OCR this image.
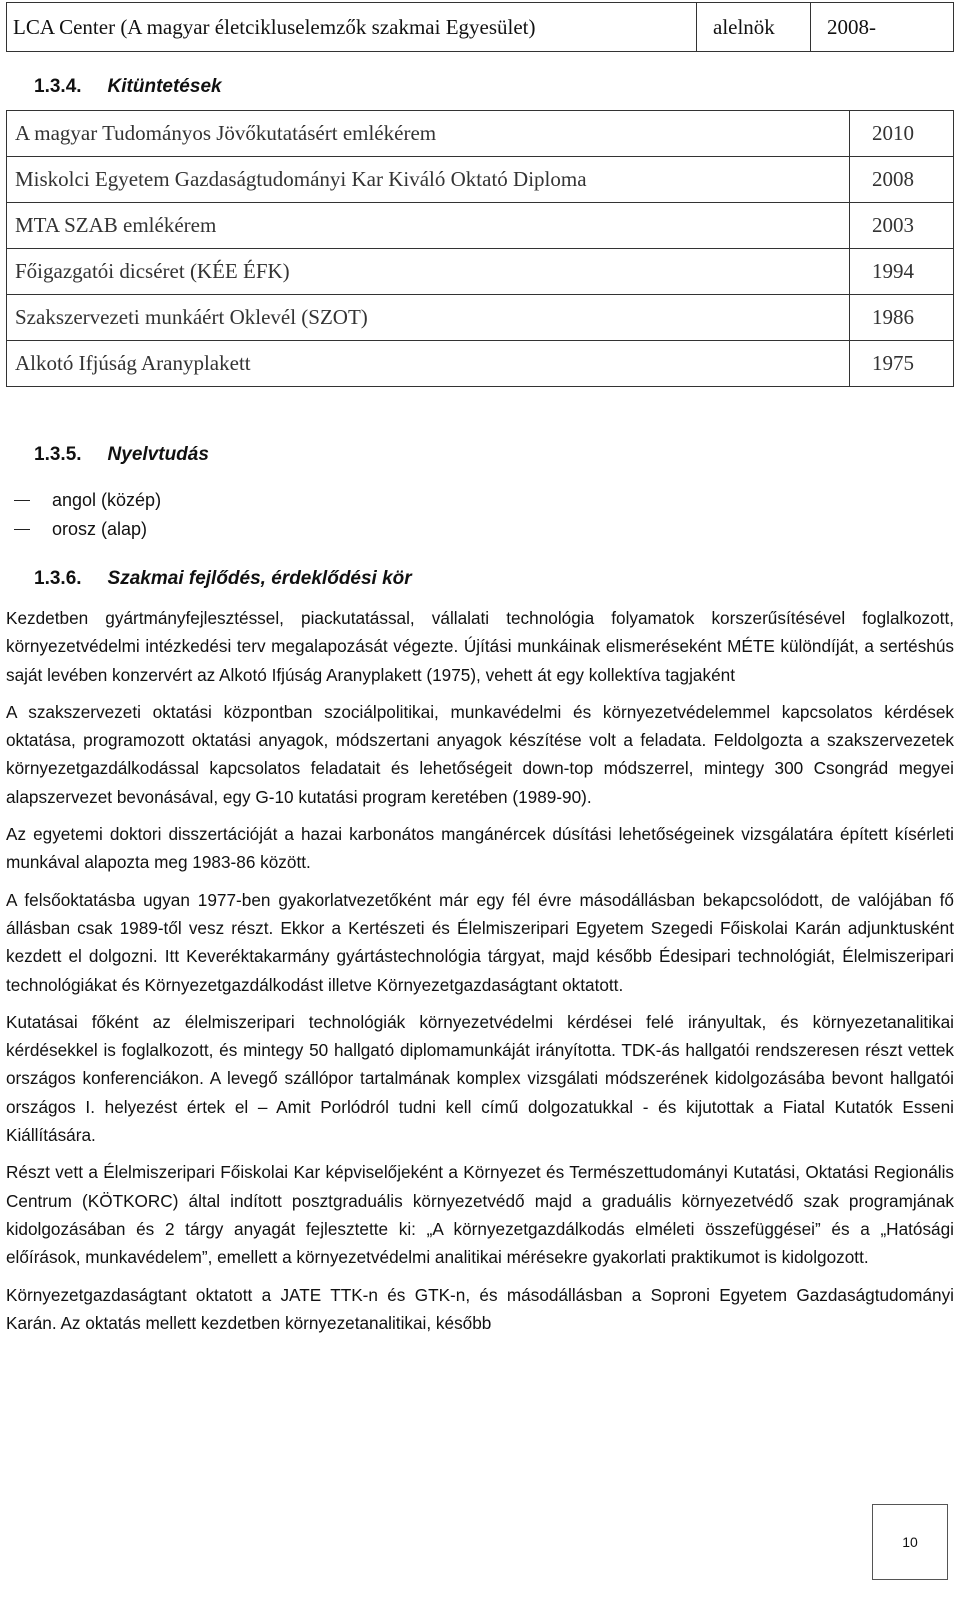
LCA Center (A magyar életcikluselemzők szakmai Egyesület)	alelnök	2008-
1.3.4. Kitüntetések
A magyar Tudományos Jövőkutatásért emlékérem	2010
Miskolci Egyetem Gazdaságtudományi Kar Kiváló Oktató Diploma	2008
MTA SZAB emlékérem	2003
Főigazgatói dicséret (KÉE ÉFK)	1994
Szakszervezeti munkáért Oklevél (SZOT)	1986
Alkotó Ifjúság Aranyplakett	1975
1.3.5. Nyelvtudás
angol (közép)
orosz (alap)
1.3.6. Szakmai fejlődés, érdeklődési kör

Kezdetben gyártmányfejlesztéssel, piackutatással, vállalati technológia folyamatok korszerűsítésével foglalkozott, környezetvédelmi intézkedési terv megalapozását végezte. Újítási munkáinak elismeréseként MÉTE különdíját, a sertéshús saját levében konzervért az Alkotó Ifjúság Aranyplakett (1975), vehett át egy kollektíva tagjaként

A szakszervezeti oktatási központban szociálpolitikai, munkavédelmi és környezetvédelemmel kapcsolatos kérdések oktatása, programozott oktatási anyagok, módszertani anyagok készítése volt a feladata. Feldolgozta a szakszervezetek környezetgazdálkodással kapcsolatos feladatait és lehetőségeit down-top módszerrel, mintegy 300 Csongrád megyei alapszervezet bevonásával, egy G-10 kutatási program keretében (1989-90).

Az egyetemi doktori disszertációját a hazai karbonátos mangánércek dúsítási lehetőségeinek vizsgálatára épített kísérleti munkával alapozta meg 1983-86 között.

A felsőoktatásba ugyan 1977-ben gyakorlatvezetőként már egy fél évre másodállásban bekapcsolódott, de valójában fő állásban csak 1989-től vesz részt. Ekkor a Kertészeti és Élelmiszeripari Egyetem Szegedi Főiskolai Karán adjunktusként kezdett el dolgozni. Itt Keveréktakarmány gyártástechnológia tárgyat, majd később Édesipari technológiát, Élelmiszeripari technológiákat és Környezetgazdálkodást illetve Környezetgazdaságtant oktatott.

Kutatásai főként az élelmiszeripari technológiák környezetvédelmi kérdései felé irányultak, és környezetanalitikai kérdésekkel is foglalkozott, és mintegy 50 hallgató diplomamunkáját irányította. TDK-ás hallgatói rendszeresen részt vettek országos konferenciákon. A levegő szállópor tartalmának komplex vizsgálati módszerének kidolgozásába bevont hallgatói országos I. helyezést értek el – Amit Porlódról tudni kell című dolgozatukkal - és kijutottak a Fiatal Kutatók Esseni Kiállítására.

Részt vett a Élelmiszeripari Főiskolai Kar képviselőjeként a Környezet és Természettudományi Kutatási, Oktatási Regionális Centrum (KÖTKORC) által indított posztgraduális környezetvédő majd a graduális környezetvédő szak programjának kidolgozásában és 2 tárgy anyagát fejlesztette ki: „A környezetgazdálkodás elméleti összefüggései” és a „Hatósági előírások, munkavédelem”, emellett a környezetvédelmi analitikai mérésekre gyakorlati praktikumot is kidolgozott.

Környezetgazdaságtant oktatott a JATE TTK-n és GTK-n, és másodállásban a Soproni Egyetem Gazdaságtudományi Karán. Az oktatás mellett kezdetben környezetanalitikai, később

10
